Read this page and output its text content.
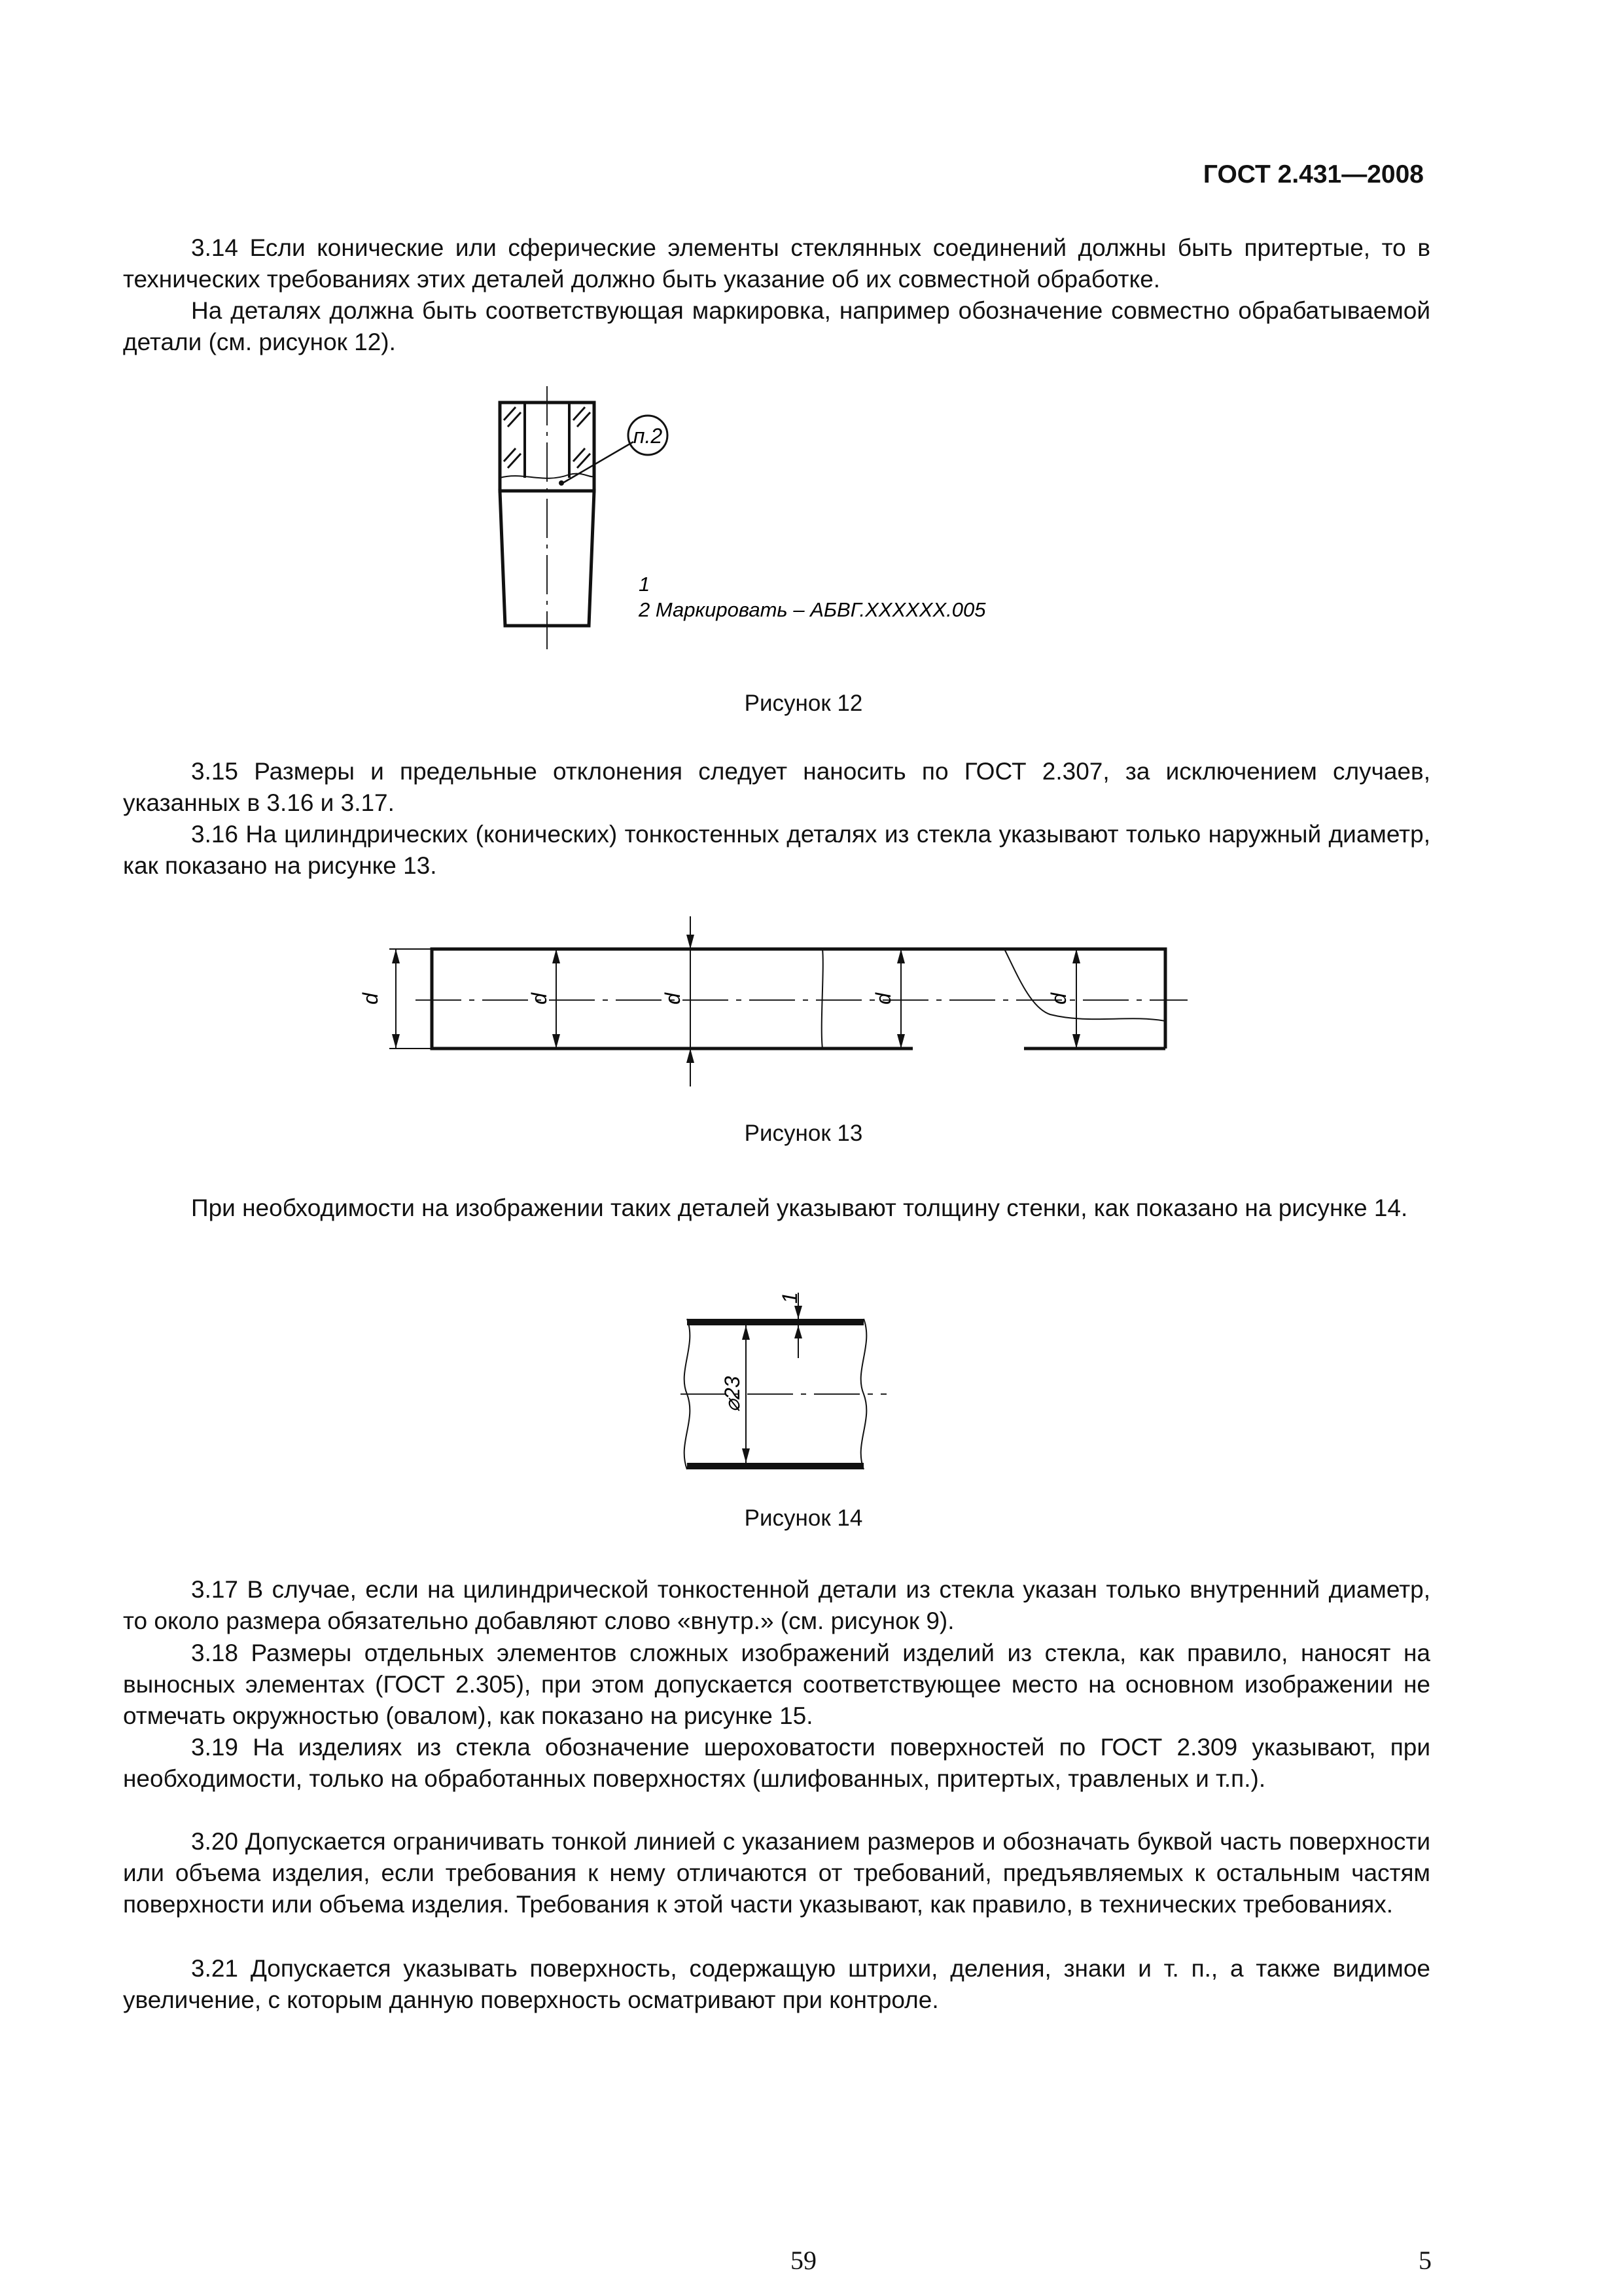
ГОСТ 2.431—2008

3.14 Если конические или сферические элементы стеклянных соединений должны быть притертые, то в технических требованиях этих деталей должно быть указание об их совместной обработке.

На деталях должна быть соответствующая маркировка, например обозначение совместно обрабатываемой детали (см. рисунок 12).

п.2
1
2 Маркировать – АБВГ.XXXXXX.005
Рисунок 12

3.15 Размеры и предельные отклонения следует наносить по ГОСТ 2.307, за исключением случаев, указанных в 3.16 и 3.17.

3.16 На цилиндрических (конических) тонкостенных деталях из стекла указывают только наружный диаметр, как показано на рисунке 13.

d	d	d	d	d
Рисунок 13

При необходимости на изображении таких деталей указывают толщину стенки, как показано на рисунке 14.

1
⌀23
Рисунок 14

3.17 В случае, если на цилиндрической тонкостенной детали из стекла указан только внутренний диаметр, то около размера обязательно добавляют слово «внутр.» (см. рисунок 9).

3.18 Размеры отдельных элементов сложных изображений изделий из стекла, как правило, наносят на выносных элементах (ГОСТ 2.305), при этом допускается соответствующее место на основном изображении не отмечать окружностью (овалом), как показано на рисунке 15.

3.19 На изделиях из стекла обозначение шероховатости поверхностей по ГОСТ 2.309 указывают, при необходимости, только на обработанных поверхностях (шлифованных, притертых, травленых и т.п.).

3.20 Допускается ограничивать тонкой линией с указанием размеров и обозначать буквой часть поверхности или объема изделия, если требования к нему отличаются от требований, предъявляемых к остальным частям поверхности или объема изделия. Требования к этой части указывают, как правило, в технических требованиях.

3.21 Допускается указывать поверхность, содержащую штрихи, деления, знаки и т. п., а также видимое увеличение, с которым данную поверхность осматривают при контроле.

59	5
